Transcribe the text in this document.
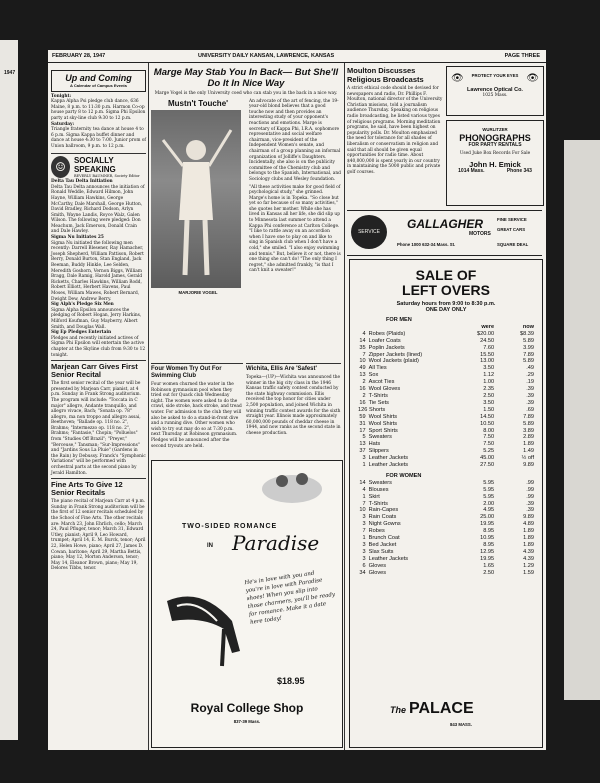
1947
FEBRUARY 28, 1947	UNIVERSITY DAILY KANSAN, LAWRENCE, KANSAS	PAGE THREE
Up and Coming
A Calendar of Campus Events
Tonight:
Kappa Alpha Psi pledge club dance, 636 Maine, 8 p.m. to 11:30 p.m. Harmon Co-op house party 8 to 12 p.m. Sigma Phi Epsilon party at sky-line club 9:30 to 12 p.m.
Saturday:
Triangle fraternity tea dance at house 4 to 6 p.m. Sigma Kappa buffet dinner and dance at house 4:30 to 7:00. Junior prom of Union ballroom, 9 p.m. to 12 p.m.
☺
SOCIALLY SPEAKING
BEVERLY BAUMNER, Society Editor
Delta Tau Delta Initiation
Delta Tau Delta announces the initiation of Ronald Weddle, Edward Hilmon, John Hayne, William Hawkins, George McCarthy, Dale Marshall, George Hutton, David Bradley, Richard Dodson, Arlyn Smith, Wayne Landis, Royce Walz, Galen Wilson. The following were pledged: Don Meachum, Jack Emerson, Donald Crain and Dale Hawley.
Sigma Nu Initiates 25
Sigma Nu initiated the following men recently: Darrell Blesener, Ray Hamacher, Joseph Shepherd, William Pattison, Robert Berry, Donald Burton, Stan England, Jack Beeman, Buddy Hinkle, Lee Selden, Meredith Goshorn, Vernon Biggs, William Bragg, Dale Ramig, Harold James, Gerald Ricketts, Charles Hawkins, William Rodd, Robert Elliott, Herbert Havens, Paul Moses, William Mawes, Robert Bernard, Dwight Dew, Andrew Berry.
Sig Alph's Pledge Six Men
Sigma Alpha Epsilon announces the pledging of Robert Hogan, Jerry Harkins, Milford Koufman, Guy Mayberry, Albert Smith, and Douglas Wall.
Sig Ep Pledges Entertain
Pledges and recently initiated actives of Sigma Phi Epsilon will entertain the active chapter at the Skyline club from 9:30 to 12 tonight.
Marjean Carr Gives First Senior Recital
The first senior recital of the year will be presented by Marjean Carr, pianist, at 4 p.m. Sunday in Frank Strong auditorium. The program will include: "Toccata in C major" allegro, Andante tranquillo, and allegro vivace, Bach; "Sonata op. 78" allegro, ma non troppo and allegro assai, Beethoven; "Ballade op. 118 no. 2", Brahms; "Intermezzo op. 118 no. 2", Brahms; "Fantasie," Chopin; "Polluelos" from "Studies Off Brazil"; "Preyer," "Berceuse," Tansman; "Sur-Impressions" and "Jardins Sous La Pluie" (Gardens in the Rain) by Debussy. Franck's "Symphonic Variations" will be performed with orchestral parts at the second piano by Jerald Hamilton.
Fine Arts To Give 12 Senior Recitals
The piano recital of Marjean Carr at 4 p.m. Sunday in Frank Strong auditorium will be the first of 12 senior recitals scheduled by the School of Fine Arts. The other recitals are: March 23, John Ehrlich, cello; March 24, Paul Pfluger, tenor; March 31, Edward Utley, pianist; April 9, Leo Howard, trumpet; April 14, E. M. Burck, tenor; April 22, Helen Howe, piano; April 27, James D. Cowan, baritone; April 29, Martha Bettis, piano; May 12, Morton Anderson, tenor; May 14, Eleanor Brown, piano; May 19, Delores Tibbs, tenor.
Marge May Stab You In Back— But She'll Do It In Nice Way
Marge Vogel is the only University coed who can stab you in the back in a nice way.
Mustn't Touche'
MARJORIE VOGEL
An advocate of the art of fencing, the 19-year-old blond believes that a good touche now and then provides an interesting study of your opponent's reactions and emotions. Marge is secretary of Kappa Phi, I.R.A. sophomore representative and social welfare chairman, vice-president of the Independent Women's senate, and chairman of a group planning an informal organization of Jolliffe's Daughters. Incidentally, she also is on the publicity committee of the Chemistry club and belongs to the Spanish, International, and Sociology clubs and Wesley foundation.
"All these activities make for good field of psychological study," she grinned. Marge's home is in Topeka. "So close but yet so far because of so many activities," she quotes her mother. While she has lived in Kansas all her life, she did slip up to Minnesota last summer to attend a Kappa Phi conference at Carlton College. "I like to rattle away on an accordion when I have one to play on and like to sing in Spanish club when I don't have a cold," she smiled. "I also enjoy swimming and tennis." But, believe it or not, there is one thing she can't do! "The only thing I regret," she admitted frankly, "is that I can't knit a sweater!"
Four Women Try Out For Swimming Club
Four women churned the water in the Robinson gymnasium pool when they tried out for Quack club Wednesday night. The women were asked to do the crawl, side stroke, back stroke, and tread water. For admission to the club they will also be asked to do a stand-in-front dive and a running dive. Other women who wish to try out may do so at 7:30 p.m. next Thursday at Robinson gymnasium. Pledges will be announced after the second tryouts are held.
Wichita, Ellis Are 'Safest'
Topeka—(UP)—Wichita was announced the winner in the big city class in the 1946 Kansas traffic safety contest conducted by the state highway commission. Ellis received the top honor for cities under 2,500 population, and joined Wichita in winning traffic contest awards for the sixth straight year. Illinois made approximately 60,000,000 pounds of cheddar cheese in 1944, and now ranks as the second state in cheese production.
TWO-SIDED ROMANCE
IN Paradise
He's in love with you and you're in love with Paradise shoes! When you slip into those charmers, you'll be ready for romance. Make it a date here today!
$18.95
Royal College Shop
837-39 Mass.
Moulton Discusses Religious Broadcasts
A strict ethical code should be devised for newspapers and radio, Dr. Phillips F. Moulton, national director of the University Christian missions, told a journalism audience Thursday. Speaking on religious radio broadcasting, he listed various types of religious programs. Morning meditation programs, he said, have been highest on popularity polls. Dr. Moulton emphasized the need for tolerance for all shades of liberalism or conservatism in religion and said that all should be given equal opportunities for radio time. About $40,000,000 is spent yearly in our country in maintaining the 5000 public and private golf courses.
👁	👁
PROTECT YOUR EYES
Lawrence Optical Co.
1025 Mass.
WURLITZER
PHONOGRAPHS
FOR PARTY RENTALS
Used Juke Box Records For Sale
John H. Emick
1014 Mass.	Phone 343
SERVICE
GALLAGHER
MOTORS
FINE SERVICE
GREAT CARS
Phone 1000 632-34 Mass. St.	SQUARE DEAL
SALE OF
LEFT OVERS
Saturday hours from 9:00 to 8:30 p.m.
ONE DAY ONLY
FOR MEN
were	now
4 Robes (Plaids)	$20.00	$8.39
14 Loafer Coats	24.50	5.89
35 Poplin Jackets	7.60	3.99
7 Zipper Jackets (lined)	15.50	7.89
10 Wool Jackets (plaid)	13.00	5.89
49 All Ties	3.50	.49
13 Sox	1.12	.29
2 Ascot Ties	1.00	.19
16 Wool Gloves	2.35	.39
2 T-Shirts	2.50	.39
16 Tie Sets	3.50	.39
126 Shorts	1.50	.69
59 Wool Shirts	14.50	7.89
31 Wool Shirts	10.50	5.89
17 Sport Shirts	8.00	3.89
5 Sweaters	7.50	2.89
13 Hats	7.50	1.89
37 Slippers	5.25	1.49
3 Leather Jackets	45.00	½ off
1 Leather Jackets	27.50	9.89
FOR WOMEN
14 Sweaters	5.95	.99
4 Blouses	5.95	.99
1 Skirt	5.95	.99
7 T-Shirts	2.00	.39
10 Rain-Capes	4.95	.39
3 Rain Coats	25.00	9.89
3 Night Gowns	19.95	4.89
7 Robes	8.95	1.89
1 Brunch Coat	10.95	1.89
3 Bed Jacket	8.95	1.89
3 Slax Suits	12.95	4.39
3 Leather Jackets	19.95	4.39
6 Gloves	1.65	1.29
34 Gloves	2.50	1.59
The PALACE
843 MASS.
